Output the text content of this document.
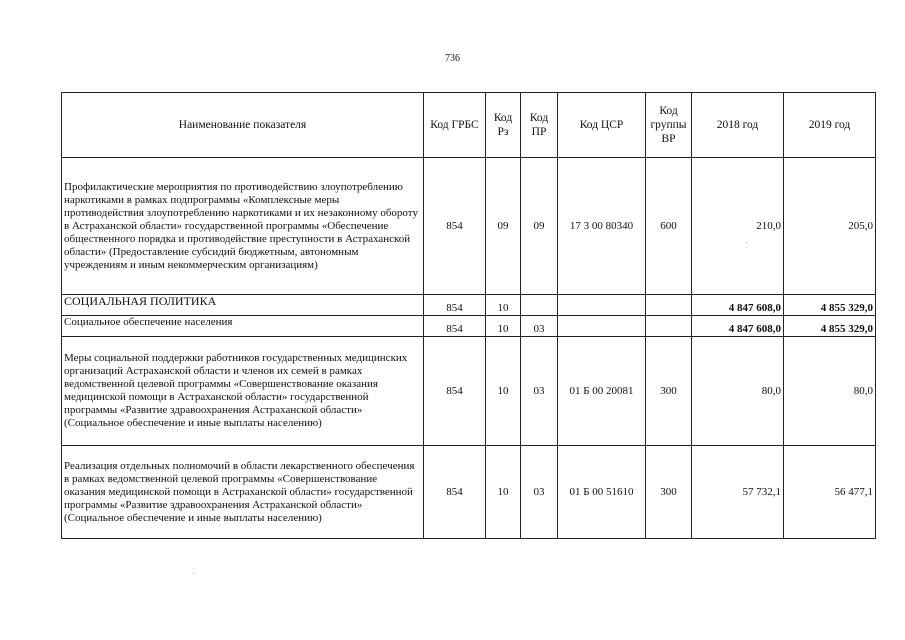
736
Наименование показателя	Код ГРБС	Код Рз	Код ПР	Код ЦСР	Код группы ВР	2018 год	2019 год
Профилактические мероприятия по противодействию злоупотреблению наркотиками в рамках подпрограммы «Комплексные меры противодействия злоупотреблению наркотиками и их незаконному обороту в Астраханской области» государственной программы «Обеспечение общественного порядка и противодействие преступности в Астраханской области» (Предоставление субсидий бюджетным, автономным учреждениям и иным некоммерческим организациям)	854	09	09	17 3 00 80340	600	210,0	205,0
СОЦИАЛЬНАЯ ПОЛИТИКА	854	10				4 847 608,0	4 855 329,0
Социальное обеспечение населения	854	10	03			4 847 608,0	4 855 329,0
Меры социальной поддержки работников государственных медицинских организаций Астраханской области и членов их семей в рамках ведомственной целевой программы «Совершенствование оказания медицинской помощи в Астраханской области» государственной программы «Развитие здравоохранения Астраханской области» (Социальное обеспечение и иные выплаты населению)	854	10	03	01 Б 00 20081	300	80,0	80,0
Реализация отдельных полномочий в области лекарственного обеспечения в рамках ведомственной целевой программы «Совершенствование оказания медицинской помощи в Астраханской области» государственной программы «Развитие здравоохранения Астраханской области» (Социальное обеспечение и иные выплаты населению)	854	10	03	01 Б 00 51610	300	57 732,1	56 477,1
